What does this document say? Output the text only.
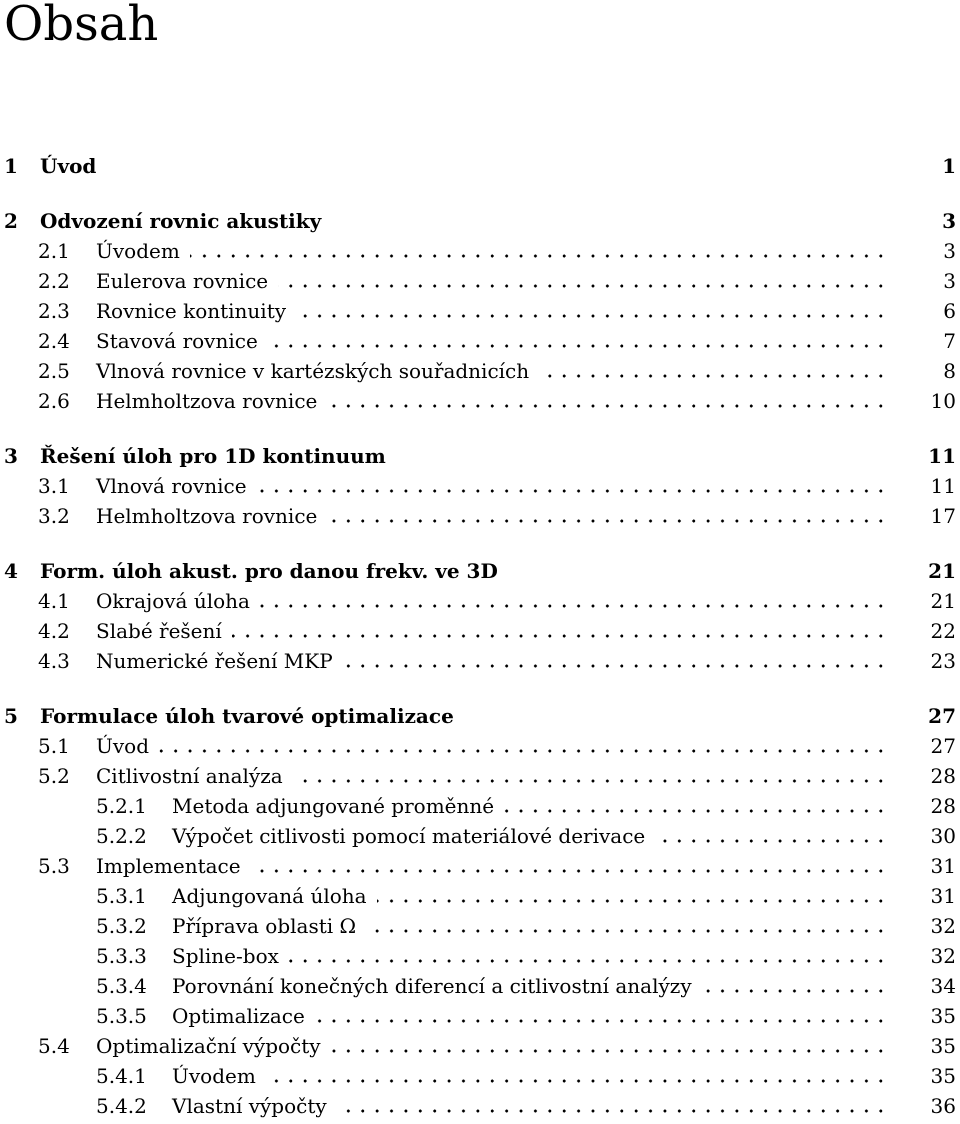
Obsah
1 Úvod	1
2 Odvození rovnic akustiky	3
2.1 Úvodem	3
2.2 Eulerova rovnice	3
2.3 Rovnice kontinuity	6
2.4 Stavová rovnice	7
2.5 Vlnová rovnice v kartézských souřadnicích	8
2.6 Helmholtzova rovnice	10
3 Řešení úloh pro 1D kontinuum	11
3.1 Vlnová rovnice	11
3.2 Helmholtzova rovnice	17
4 Form. úloh akust. pro danou frekv. ve 3D	21
4.1 Okrajová úloha	21
4.2 Slabé řešení	22
4.3 Numerické řešení MKP	23
5 Formulace úloh tvarové optimalizace	27
5.1 Úvod	27
5.2 Citlivostní analýza	28
5.2.1 Metoda adjungované proměnné	28
5.2.2 Výpočet citlivosti pomocí materiálové derivace	30
5.3 Implementace	31
5.3.1 Adjungovaná úloha	31
5.3.2 Příprava oblasti Ω	32
5.3.3 Spline-box	32
5.3.4 Porovnání konečných diferencí a citlivostní analýzy	34
5.3.5 Optimalizace	35
5.4 Optimalizační výpočty	35
5.4.1 Úvodem	35
5.4.2 Vlastní výpočty	36
